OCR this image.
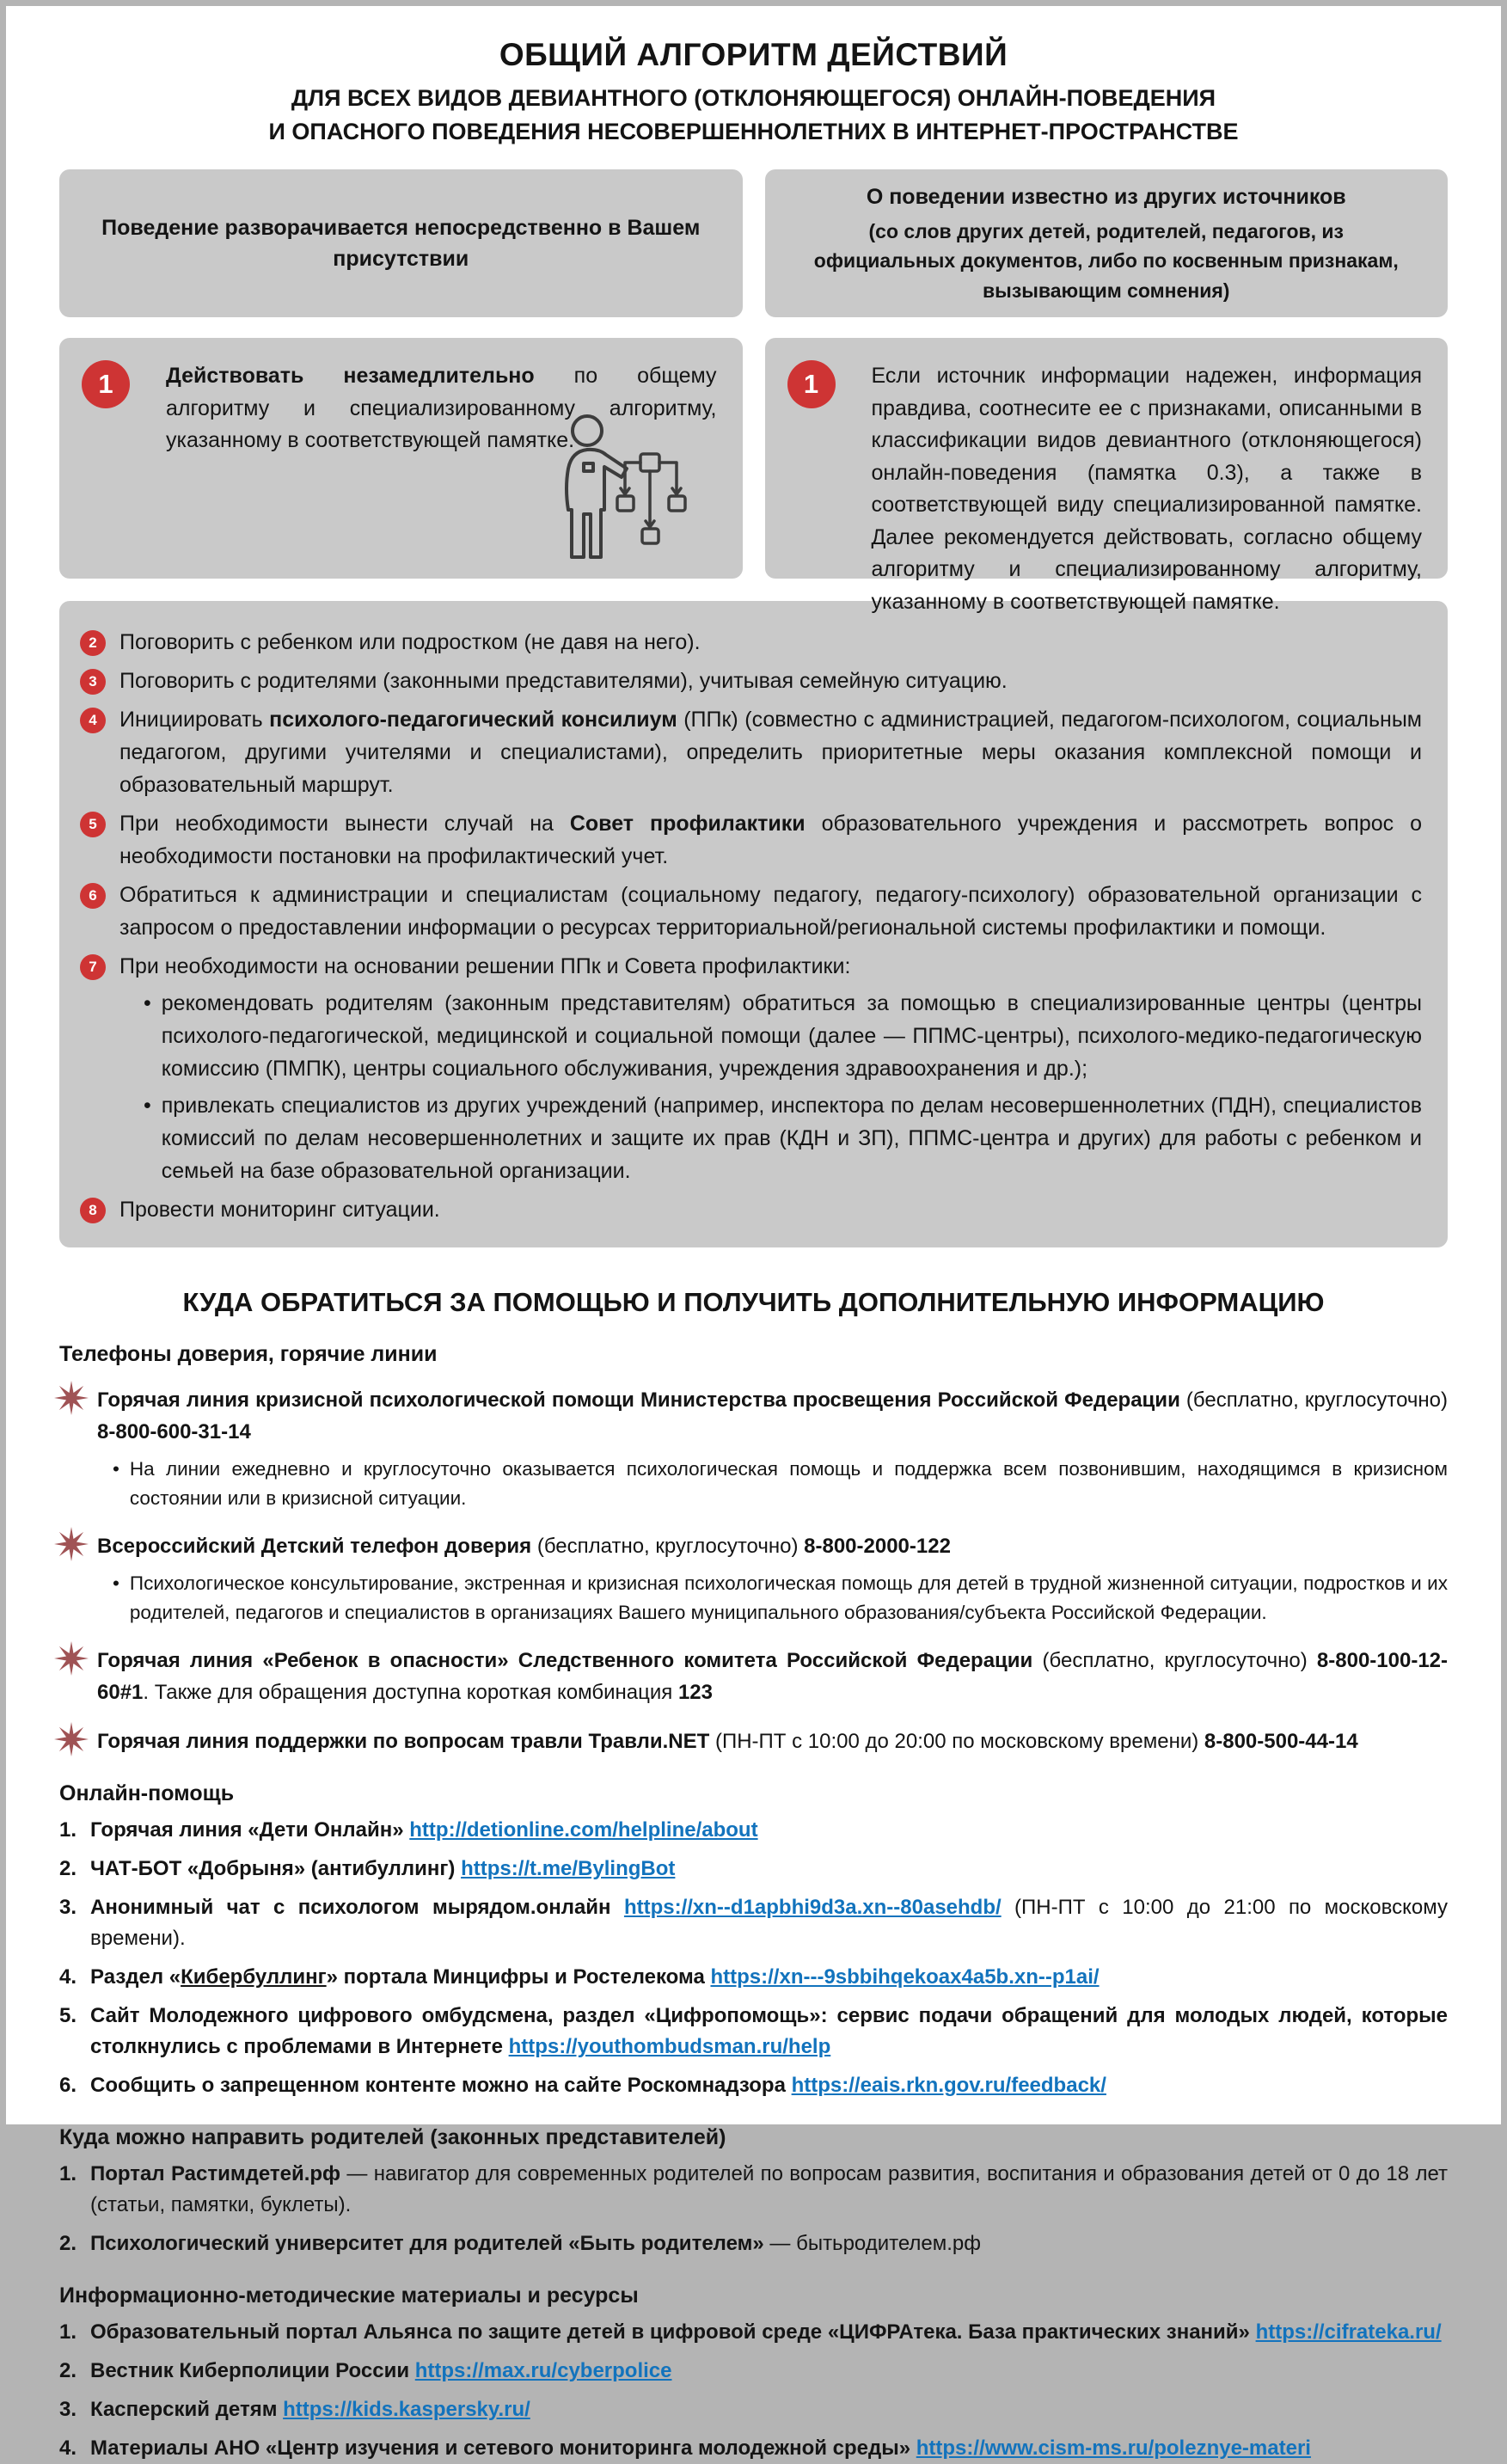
ОБЩИЙ АЛГОРИТМ ДЕЙСТВИЙ
ДЛЯ ВСЕХ ВИДОВ ДЕВИАНТНОГО (ОТКЛОНЯЮЩЕГОСЯ) ОНЛАЙН-ПОВЕДЕНИЯ
И ОПАСНОГО ПОВЕДЕНИЯ НЕСОВЕРШЕННОЛЕТНИХ В ИНТЕРНЕТ-ПРОСТРАНСТВЕ
Поведение разворачивается непосредственно в Вашем присутствии
О поведении известно из других источников
(со слов других детей, родителей, педагогов, из официальных документов, либо по косвенным признакам, вызывающим сомнения)
1 Действовать незамедлительно по общему алгоритму и специализированному алгоритму, указанному в соответствующей памятке.

1 Если источник информации надежен, информация правдива, соотнесите ее с признаками, описанными в классификации видов девиантного (отклоняющегося) онлайн-поведения (памятка 0.3), а также в соответствующей виду специализированной памятке. Далее рекомендуется действовать, согласно общему алгоритму и специализированному алгоритму, указанному в соответствующей памятке.

2 Поговорить с ребенком или подростком (не давя на него).
3 Поговорить с родителями (законными представителями), учитывая семейную ситуацию.
4 Инициировать психолого-педагогический консилиум (ППк) (совместно с администрацией, педагогом-психологом, социальным педагогом, другими учителями и специалистами), определить приоритетные меры оказания комплексной помощи и образовательный маршрут.
5 При необходимости вынести случай на Совет профилактики образовательного учреждения и рассмотреть вопрос о необходимости постановки на профилактический учет.
6 Обратиться к администрации и специалистам (социальному педагогу, педагогу-психологу) образовательной организации с запросом о предоставлении информации о ресурсах территориальной/региональной системы профилактики и помощи.
7 При необходимости на основании решении ППк и Совета профилактики:
• рекомендовать родителям (законным представителям) обратиться за помощью в специализированные центры (центры психолого-педагогической, медицинской и социальной помощи (далее — ППМС-центры), психолого-медико-педагогическую комиссию (ПМПК), центры социального обслуживания, учреждения здравоохранения и др.);
• привлекать специалистов из других учреждений (например, инспектора по делам несовершеннолетних (ПДН), специалистов комиссий по делам несовершеннолетних и защите их прав (КДН и ЗП), ППМС-центра и других) для работы с ребенком и семьей на базе образовательной организации.
8 Провести мониторинг ситуации.
КУДА ОБРАТИТЬСЯ ЗА ПОМОЩЬЮ И ПОЛУЧИТЬ ДОПОЛНИТЕЛЬНУЮ ИНФОРМАЦИЮ
Телефоны доверия, горячие линии

Горячая линия кризисной психологической помощи Министерства просвещения Российской Федерации (бесплатно, круглосуточно) 8-800-600-31-14

• На линии ежедневно и круглосуточно оказывается психологическая помощь и поддержка всем позвонившим, находящимся в кризисном состоянии или в кризисной ситуации.

Всероссийский Детский телефон доверия (бесплатно, круглосуточно) 8-800-2000-122

• Психологическое консультирование, экстренная и кризисная психологическая помощь для детей в трудной жизненной ситуации, подростков и их родителей, педагогов и специалистов в организациях Вашего муниципального образования/субъекта Российской Федерации.

Горячая линия «Ребенок в опасности» Следственного комитета Российской Федерации (бесплатно, круглосуточно) 8-800-100-12-60#1. Также для обращения доступна короткая комбинация 123

Горячая линия поддержки по вопросам травли Травли.NET (ПН-ПТ с 10:00 до 20:00 по московскому времени) 8-800-500-44-14

Онлайн-помощь
1. Горячая линия «Дети Онлайн» http://detionline.com/helpline/about

2. ЧАТ-БОТ «Добрыня» (антибуллинг) https://t.me/BylingBot

3. Анонимный чат с психологом мырядом.онлайн https://xn--d1apbhi9d3a.xn--80asehdb/ (ПН-ПТ с 10:00 до 21:00 по московскому времени).

4. Раздел «Кибербуллинг» портала Минцифры и Ростелекома https://xn---9sbbihqekoax4a5b.xn--p1ai/

5. Сайт Молодежного цифрового омбудсмена, раздел «Цифропомощь»: сервис подачи обращений для молодых людей, которые столкнулись с проблемами в Интернете https://youthombudsman.ru/help

6. Сообщить о запрещенном контенте можно на сайте Роскомнадзора https://eais.rkn.gov.ru/feedback/

Куда можно направить родителей (законных представителей)
1. Портал Растимдетей.рф — навигатор для современных родителей по вопросам развития, воспитания и образования детей от 0 до 18 лет (статьи, памятки, буклеты).

2. Психологический университет для родителей «Быть родителем» — бытьродителем.рф

Информационно-методические материалы и ресурсы
1. Образовательный портал Альянса по защите детей в цифровой среде «ЦИФРАтека. База практических знаний» https://cifrateka.ru/

2. Вестник Киберполиции России https://max.ru/cyberpolice

3. Касперский детям https://kids.kaspersky.ru/

4. Материалы АНО «Центр изучения и сетевого мониторинга молодежной среды» https://www.cism-ms.ru/poleznye-materi
